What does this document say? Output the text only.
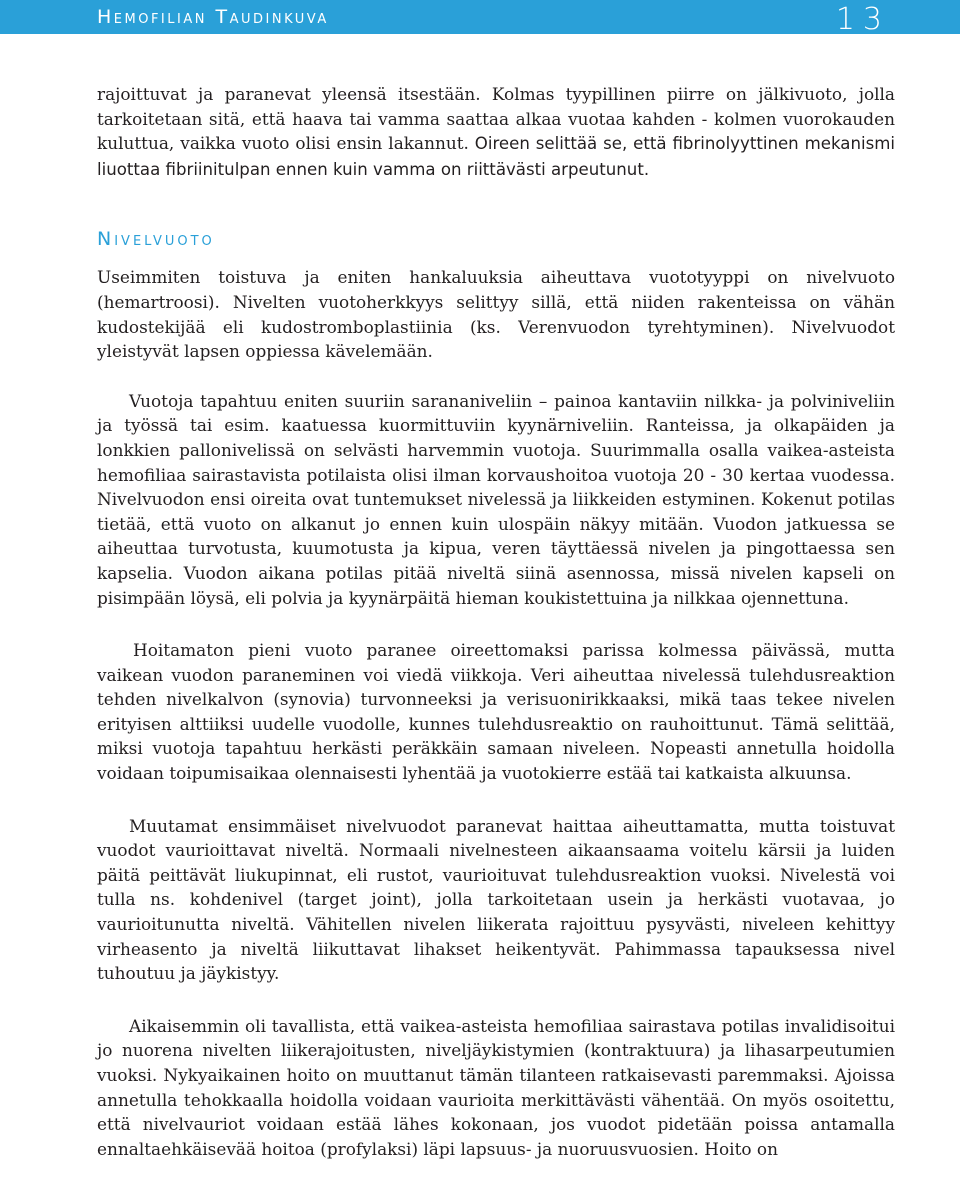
Hemofilian Taudinkuva	13

rajoittuvat ja paranevat yleensä itsestään. Kolmas tyypillinen piirre on jälkivuoto, jolla tarkoitetaan sitä, että haava tai vamma saattaa alkaa vuotaa kahden - kolmen vuorokauden kuluttua, vaikka vuoto olisi ensin lakannut. Oireen selittää se, että fibrinolyyttinen mekanismi liuottaa fibriinitulpan ennen kuin vamma on riittävästi arpeutunut.

Nivelvuoto

Useimmiten toistuva ja eniten hankaluuksia aiheuttava vuototyyppi on nivelvuoto (hemartroosi). Nivelten vuotoherkkyys selittyy sillä, että niiden rakenteissa on vähän kudostekijää eli kudostromboplastiinia (ks. Verenvuodon tyrehtyminen). Nivelvuodot yleistyvät lapsen oppiessa kävelemään.

Vuotoja tapahtuu eniten suuriin sarananiveliin – painoa kantaviin nilkka- ja polviniveliin ja työssä tai esim. kaatuessa kuormittuviin kyynärniveliin. Ranteissa, ja olkapäiden ja lonkkien pallonivelissä on selvästi harvemmin vuotoja. Suurimmalla osalla vaikea-asteista hemofiliaa sairastavista potilaista olisi ilman korvaushoitoa vuotoja 20 - 30 kertaa vuodessa. Nivelvuodon ensi oireita ovat tuntemukset nivelessä ja liikkeiden estyminen. Kokenut potilas tietää, että vuoto on alkanut jo ennen kuin ulospäin näkyy mitään. Vuodon jatkuessa se aiheuttaa turvotusta, kuumotusta ja kipua, veren täyttäessä nivelen ja pingottaessa sen kapselia. Vuodon aikana potilas pitää niveltä siinä asennossa, missä nivelen kapseli on pisimpään löysä, eli polvia ja kyynärpäitä hieman koukistettuina ja nilkkaa ojennettuna.

Hoitamaton pieni vuoto paranee oireettomaksi parissa kolmessa päivässä, mutta vaikean vuodon paraneminen voi viedä viikkoja. Veri aiheuttaa nivelessä tulehdusreaktion tehden nivelkalvon (synovia) turvonneeksi ja verisuonirikkaaksi, mikä taas tekee nivelen erityisen alttiiksi uudelle vuodolle, kunnes tulehdusreaktio on rauhoittunut. Tämä selittää, miksi vuotoja tapahtuu herkästi peräkkäin samaan niveleen. Nopeasti annetulla hoidolla voidaan toipumisaikaa olennaisesti lyhentää ja vuotokierre estää tai katkaista alkuunsa.

Muutamat ensimmäiset nivelvuodot paranevat haittaa aiheuttamatta, mutta toistuvat vuodot vaurioittavat niveltä. Normaali nivelnesteen aikaansaama voitelu kärsii ja luiden päitä peittävät liukupinnat, eli rustot, vaurioituvat tulehdusreaktion vuoksi. Nivelestä voi tulla ns. kohdenivel (target joint), jolla tarkoitetaan usein ja herkästi vuotavaa, jo vaurioitunutta niveltä. Vähitellen nivelen liikerata rajoittuu pysyvästi, niveleen kehittyy virheasento ja niveltä liikuttavat lihakset heikentyvät. Pahimmassa tapauksessa nivel tuhoutuu ja jäykistyy.

Aikaisemmin oli tavallista, että vaikea-asteista hemofiliaa sairastava potilas invalidisoitui jo nuorena nivelten liikerajoitusten, niveljäykistymien (kontraktuura) ja lihasarpeutumien vuoksi. Nykyaikainen hoito on muuttanut tämän tilanteen ratkaisevasti paremmaksi. Ajoissa annetulla tehokkaalla hoidolla voidaan vaurioita merkittävästi vähentää. On myös osoitettu, että nivelvauriot voidaan estää lähes kokonaan, jos vuodot pidetään poissa antamalla ennaltaehkäisevää hoitoa (profylaksi) läpi lapsuus- ja nuoruusvuosien. Hoito on
